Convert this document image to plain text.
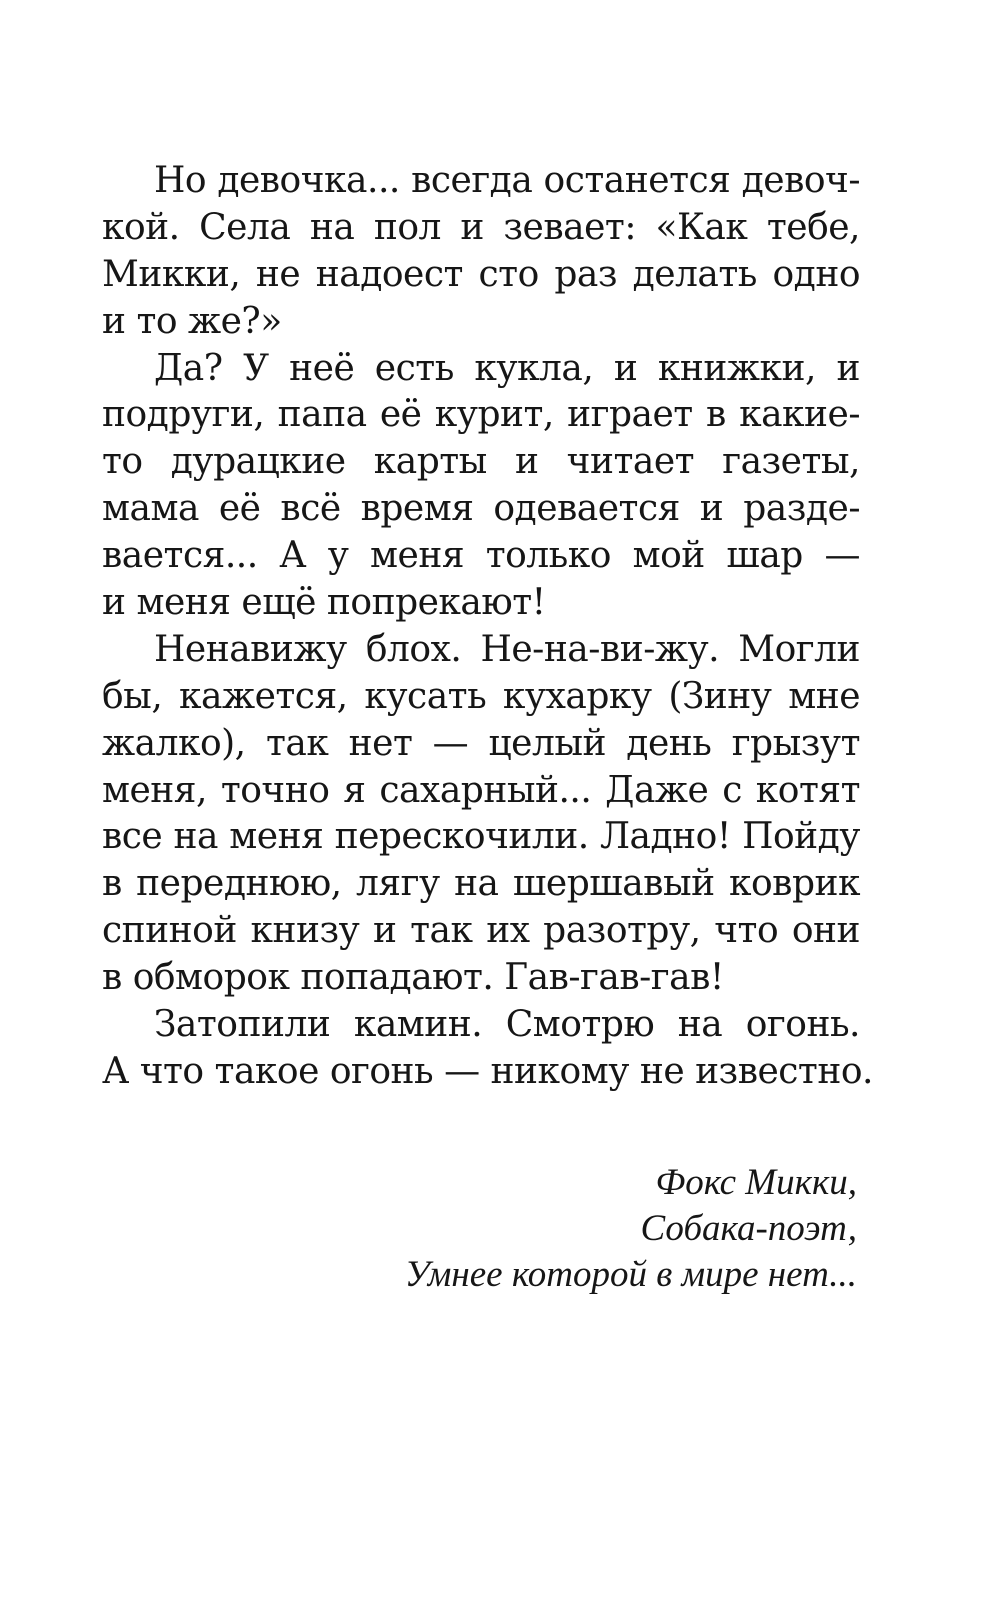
Но девочка... всегда останется девоч-
кой. Села на пол и зевает: «Как тебе,
Микки, не надоест сто раз делать одно
и то же?»
Да? У неё есть кукла, и книжки, и
подруги, папа её курит, играет в какие-
то дурацкие карты и читает газеты,
мама её всё время одевается и разде-
вается... А у меня только мой шар —
и меня ещё попрекают!
Ненавижу блох. Не-на-ви-жу. Могли
бы, кажется, кусать кухарку (Зину мне
жалко), так нет — целый день грызут
меня, точно я сахарный... Даже с котят
все на меня перескочили. Ладно! Пойду
в переднюю, лягу на шершавый коврик
спиной книзу и так их разотру, что они
в обморок попадают. Гав-гав-гав!
Затопили камин. Смотрю на огонь.
А что такое огонь — никому не известно.
Фокс Микки,
Собака-поэт,
Умнее которой в мире нет...
